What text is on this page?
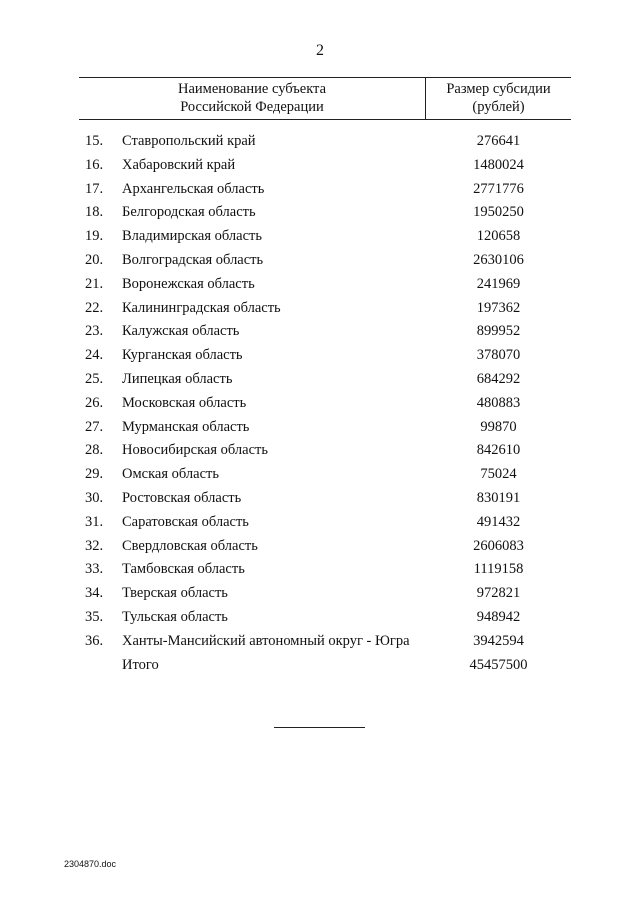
2
Наименование субъекта
Российской Федерации
Размер субсидии
(рублей)
15.	Ставропольский край	276641
16.	Хабаровский край	1480024
17.	Архангельская область	2771776
18.	Белгородская область	1950250
19.	Владимирская область	120658
20.	Волгоградская область	2630106
21.	Воронежская область	241969
22.	Калининградская область	197362
23.	Калужская область	899952
24.	Курганская область	378070
25.	Липецкая область	684292
26.	Московская область	480883
27.	Мурманская область	99870
28.	Новосибирская область	842610
29.	Омская область	75024
30.	Ростовская область	830191
31.	Саратовская область	491432
32.	Свердловская область	2606083
33.	Тамбовская область	1119158
34.	Тверская область	972821
35.	Тульская область	948942
36.	Ханты-Мансийский автономный округ - Югра	3942594
Итого	45457500
2304870.doc
